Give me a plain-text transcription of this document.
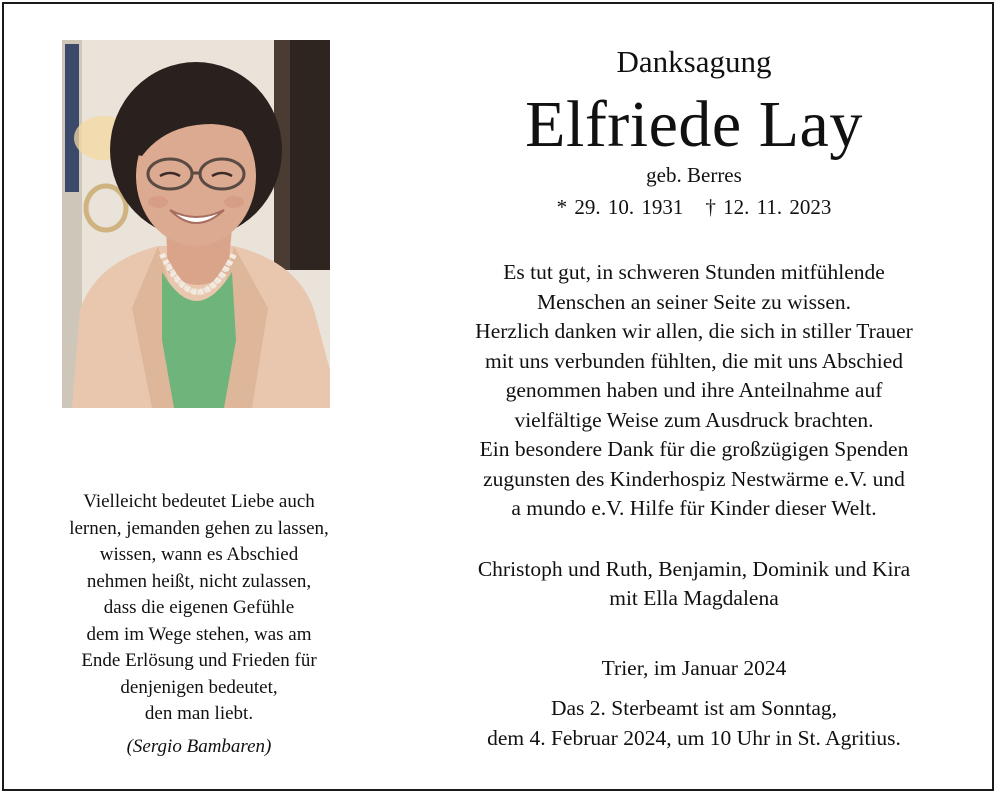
Vielleicht bedeutet Liebe auch
lernen, jemanden gehen zu lassen,
wissen, wann es Abschied
nehmen heißt, nicht zulassen,
dass die eigenen Gefühle
dem im Wege stehen, was am
Ende Erlösung und Frieden für
denjenigen bedeutet,
den man liebt.
(Sergio Bambaren)
Danksagung
Elfriede Lay
geb. Berres
* 29. 10. 1931 † 12. 11. 2023
Es tut gut, in schweren Stunden mitfühlende
Menschen an seiner Seite zu wissen.
Herzlich danken wir allen, die sich in stiller Trauer
mit uns verbunden fühlten, die mit uns Abschied
genommen haben und ihre Anteilnahme auf
vielfältige Weise zum Ausdruck brachten.
Ein besondere Dank für die großzügigen Spenden
zugunsten des Kinderhospiz Nestwärme e.V. und
a mundo e.V. Hilfe für Kinder dieser Welt.
Christoph und Ruth, Benjamin, Dominik und Kira
mit Ella Magdalena
Trier, im Januar 2024
Das 2. Sterbeamt ist am Sonntag,
dem 4. Februar 2024, um 10 Uhr in St. Agritius.
